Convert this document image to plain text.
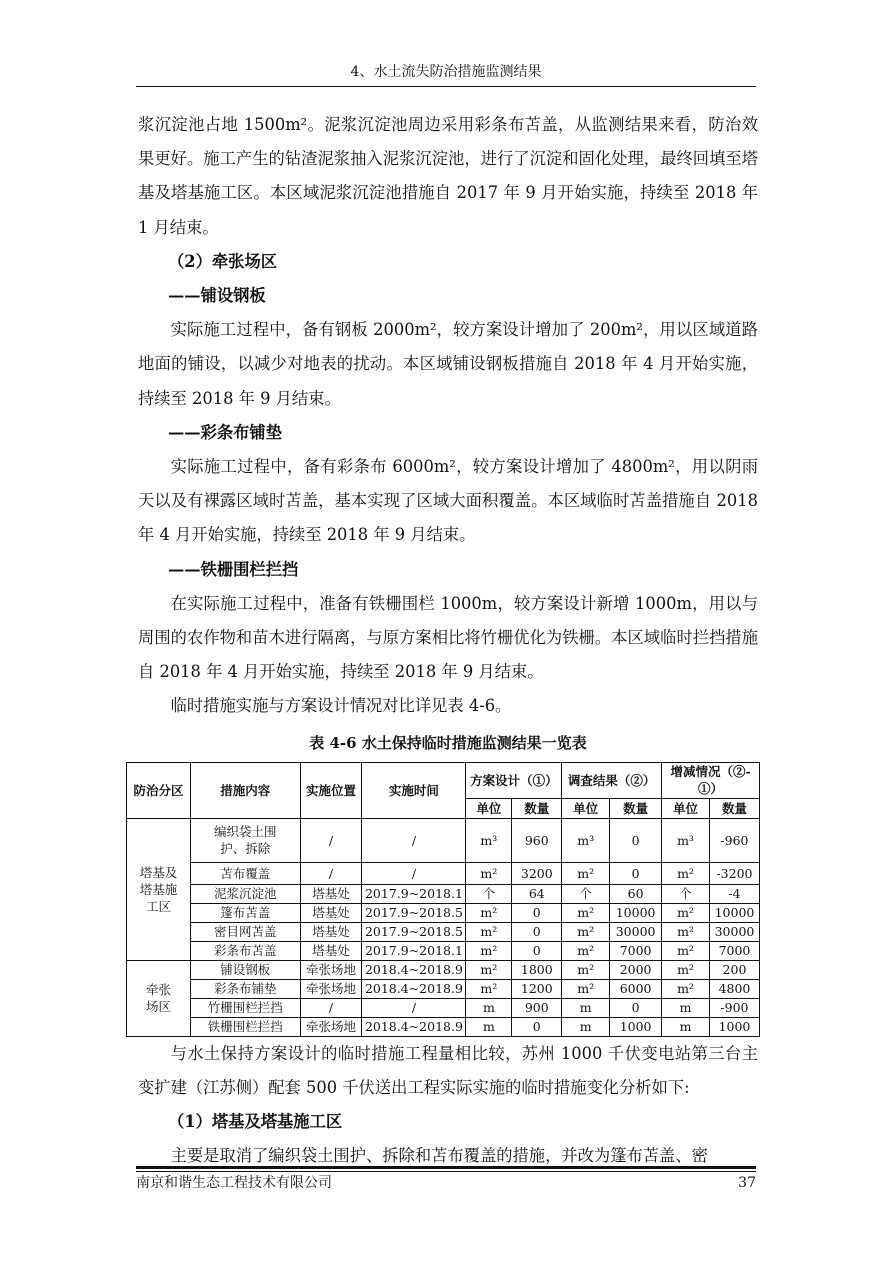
4、水土流失防治措施监测结果

浆沉淀池占地 1500m²。泥浆沉淀池周边采用彩条布苫盖，从监测结果来看，防治效果更好。施工产生的钻渣泥浆抽入泥浆沉淀池，进行了沉淀和固化处理，最终回填至塔基及塔基施工区。本区域泥浆沉淀池措施自 2017 年 9 月开始实施，持续至 2018 年 1 月结束。

（2）牵张场区

——铺设钢板

实际施工过程中，备有钢板 2000m²，较方案设计增加了 200m²，用以区域道路地面的铺设，以减少对地表的扰动。本区域铺设钢板措施自 2018 年 4 月开始实施，持续至 2018 年 9 月结束。

——彩条布铺垫

实际施工过程中，备有彩条布 6000m²，较方案设计增加了 4800m²，用以阴雨天以及有裸露区域时苫盖，基本实现了区域大面积覆盖。本区域临时苫盖措施自 2018 年 4 月开始实施，持续至 2018 年 9 月结束。

——铁栅围栏拦挡

在实际施工过程中，准备有铁栅围栏 1000m，较方案设计新增 1000m，用以与周围的农作物和苗木进行隔离，与原方案相比将竹栅优化为铁栅。本区域临时拦挡措施自 2018 年 4 月开始实施，持续至 2018 年 9 月结束。

临时措施实施与方案设计情况对比详见表 4-6。

表 4-6 水土保持临时措施监测结果一览表
防治分区	措施内容	实施位置	实施时间	方案设计（①）		调查结果（②）		增减情况（②-①）	
				单位	数量	单位	数量	单位	数量
塔基及塔基施工区	编织袋土围护、拆除	/	/	m³	960	m³	0	m³	-960
	苫布覆盖	/	/	m²	3200	m²	0	m²	-3200
	泥浆沉淀池	塔基处	2017.9~2018.1	个	64	个	60	个	-4
	篷布苫盖	塔基处	2017.9~2018.5	m²	0	m²	10000	m²	10000
	密目网苫盖	塔基处	2017.9~2018.5	m²	0	m²	30000	m²	30000
	彩条布苫盖	塔基处	2017.9~2018.1	m²	0	m²	7000	m²	7000
牵张场区	铺设钢板	牵张场地	2018.4~2018.9	m²	1800	m²	2000	m²	200
	彩条布铺垫	牵张场地	2018.4~2018.9	m²	1200	m²	6000	m²	4800
	竹栅围栏拦挡	/	/	m	900	m	0	m	-900
	铁栅围栏拦挡	牵张场地	2018.4~2018.9	m	0	m	1000	m	1000

与水土保持方案设计的临时措施工程量相比较，苏州 1000 千伏变电站第三台主变扩建（江苏侧）配套 500 千伏送出工程实际实施的临时措施变化分析如下:

（1）塔基及塔基施工区

主要是取消了编织袋土围护、拆除和苫布覆盖的措施，并改为篷布苫盖、密

南京和谐生态工程技术有限公司	37
